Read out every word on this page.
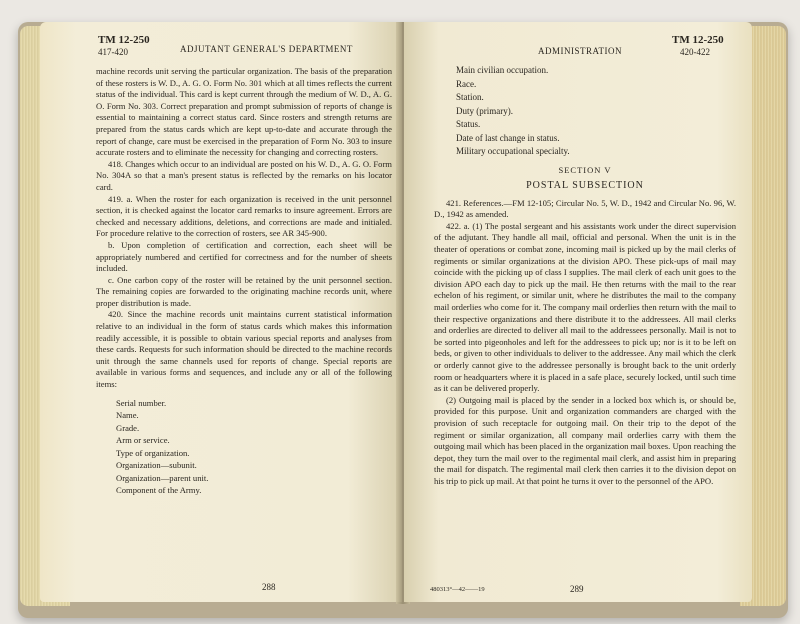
TM 12-250
417-420	ADJUTANT GENERAL'S DEPARTMENT

machine records unit serving the particular organization. The basis of the preparation of these rosters is W. D., A. G. O. Form No. 301 which at all times reflects the current status of the individual. This card is kept current through the medium of W. D., A. G. O. Form No. 303. Correct preparation and prompt submission of reports of change is essential to maintaining a correct status card. Since rosters and strength returns are prepared from the status cards which are kept up-to-date and accurate through the report of change, care must be exercised in the preparation of Form No. 303 to insure accurate rosters and to eliminate the necessity for changing and correcting rosters.

418. Changes which occur to an individual are posted on his W. D., A. G. O. Form No. 304A so that a man's present status is reflected by the remarks on his locator card.

419. a. When the roster for each organization is received in the unit personnel section, it is checked against the locator card remarks to insure agreement. Errors are checked and necessary additions, deletions, and corrections are made and initialed. For procedure relative to the correction of rosters, see AR 345-900.

b. Upon completion of certification and correction, each sheet will be appropriately numbered and certified for correctness and for the number of sheets included.

c. One carbon copy of the roster will be retained by the unit personnel section. The remaining copies are forwarded to the originating machine records unit, where proper distribution is made.

420. Since the machine records unit maintains current statistical information relative to an individual in the form of status cards which makes this information readily accessible, it is possible to obtain various special reports and analyses from these cards. Requests for such information should be directed to the machine records unit through the same channels used for reports of change. Special reports are available in various forms and sequences, and include any or all of the following items:

Serial number.
Name.
Grade.
Arm or service.
Type of organization.
Organization—subunit.
Organization—parent unit.
Component of the Army.
288
ADMINISTRATION
TM 12-250
420-422
Main civilian occupation.
Race.
Station.
Duty (primary).
Status.
Date of last change in status.
Military occupational specialty.
SECTION V
POSTAL SUBSECTION

421. References.—FM 12-105; Circular No. 5, W. D., 1942 and Circular No. 96, W. D., 1942 as amended.

422. a. (1) The postal sergeant and his assistants work under the direct supervision of the adjutant. They handle all mail, official and personal. When the unit is in the theater of operations or combat zone, incoming mail is picked up by the mail clerks of regiments or similar organizations at the division APO. These pick-ups of mail may coincide with the picking up of class I supplies. The mail clerk of each unit goes to the division APO each day to pick up the mail. He then returns with the mail to the rear echelon of his regiment, or similar unit, where he distributes the mail to the company mail orderlies who come for it. The company mail orderlies then return with the mail to their respective organizations and there distribute it to the addressees. All mail clerks and orderlies are directed to deliver all mail to the addressees personally. Mail is not to be sorted into pigeonholes and left for the addressees to pick up; nor is it to be left on beds, or given to other individuals to deliver to the addressee. Any mail which the clerk or orderly cannot give to the addressee personally is brought back to the unit orderly room or headquarters where it is placed in a safe place, securely locked, until such time as it can be delivered properly.

(2) Outgoing mail is placed by the sender in a locked box which is, or should be, provided for this purpose. Unit and organization commanders are charged with the provision of such receptacle for outgoing mail. On their trip to the depot of the regiment or similar organization, all company mail orderlies carry with them the outgoing mail which has been placed in the organization mail boxes. Upon reaching the depot, they turn the mail over to the regimental mail clerk, and assist him in preparing the mail for dispatch. The regimental mail clerk then carries it to the division depot on his trip to pick up mail. At that point he turns it over to the personnel of the APO.

480313°—42——19	289
